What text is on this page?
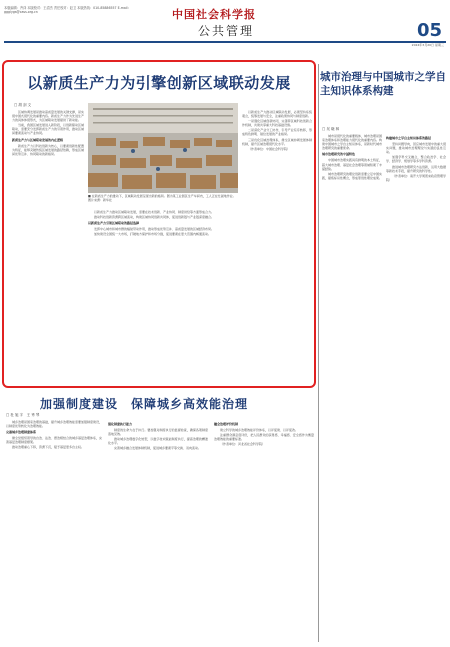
本版编辑：齐泽 本版校对：王清杰 责任校对：赵卫 本版热线：010-85886557 E-mail: ggglygs@cass.org.cn	中国社会科学报
公共管理	05
2024年3月20日 星期三
以新质生产力为引擎创新区域联动发展
□ 胡 剑 文
■ 在新质生产力的推动下，区域联动发展呈现出新的格局。图为某工业园区生产车间内，工人正在忙碌地作业。 图片来源：新华社

区域协调发展是推动高质量发展的关键支撑，是实现中国式现代化的重要内容。新质生产力作为先进生产力的具体体现形式，为区域联动发展提供了新动能。

当前，我国区域发展进入新阶段，以创新驱动区域联动，需要充分发挥新质生产力的引领作用，推动区域间要素流动与产业协同。

新质生产力与区域联动发展的内在逻辑

新质生产力以科技创新为核心，以要素创新性配置为特征，能够突破传统区域发展的路径依赖，形成区域间优势互补、协同联动的新格局。

以新质生产力推动区域联动发展，需要在技术创新、产业协同、制度供给等方面形成合力。

推动科技创新资源跨区域流动，构建区域协同创新共同体，促进创新链与产业链深度融合。

以新质生产力引领区域联动的路径选择

发挥中心城市和城市群的辐射带动作用，推动形成优势互补、高质量发展的区域经济布局。

加快建设全国统一大市场，打破地方保护和市场分割，促进要素在更大范围内畅通流动。

以新质生产力推动区域联动发展，必须坚持系统观念，统筹发展与安全，注重政策协同与制度创新。

一是强化区域创新协同，完善跨区域科技创新合作机制，共建共享重大科技基础设施。

二是深化产业分工协作，引导产业有序转移，形成特色鲜明、错位发展的产业格局。

三是优化区域治理体系，健全区域协调发展体制机制，提升区域治理现代化水平。

（作者单位：中国社会科学院）

城市治理与中国城市之学自主知识体系构建
□ 吴 晓 林

城市是现代化的重要载体，城市治理是国家治理体系和治理能力现代化的重要内容。构建中国城市之学自主知识体系，是新时代城市治理研究的重要使命。

城市治理研究的中国特色

中国城市治理实践具有鲜明的本土特征，超大城市治理、基层社会治理等领域积累了丰富经验。

城市治理研究的理论创新需要立足中国实践，提炼标识性概念，形成原创性理论成果。

构建城市之学自主知识体系的路径

坚持问题导向，回应城市发展中的重大现实问题，推动城市治理理论与实践的良性互动。

加强学科交叉融合，整合政治学、社会学、经济学、规划学等多学科资源。

推进城市治理研究方法创新，运用大数据等新技术手段，提升研究的科学性。

（作者单位：南开大学周恩来政府管理学院）

加强制度建设　保障城乡高效能治理
□ 杜 旭 宇　王 秀 琴

城乡治理是国家治理的基础，提升城乡治理效能需要加强制度建设，以制度优势转化为治理效能。

完善城乡治理制度体系

健全党组织领导的自治、法治、德治相结合的城乡基层治理体系，完善基层治理制度框架。

推动治理重心下移，资源下沉，赋予基层更多自主权。

强化制度执行能力

制度的生命力在于执行。要加强对制度执行的监督检查，确保各项制度落地见效。

推动城乡治理数字化转型，以数字技术赋能制度执行，提高治理的精准化水平。

完善城乡融合发展体制机制，促进城乡要素平等交换、双向流动。

健全治理评价机制

建立科学的城乡治理效能评价体系，以评促建、以评促改。

注重群众满意度评价，把人民群众的获得感、幸福感、安全感作为衡量治理效能的重要标准。

（作者单位：河北省社会科学院）
